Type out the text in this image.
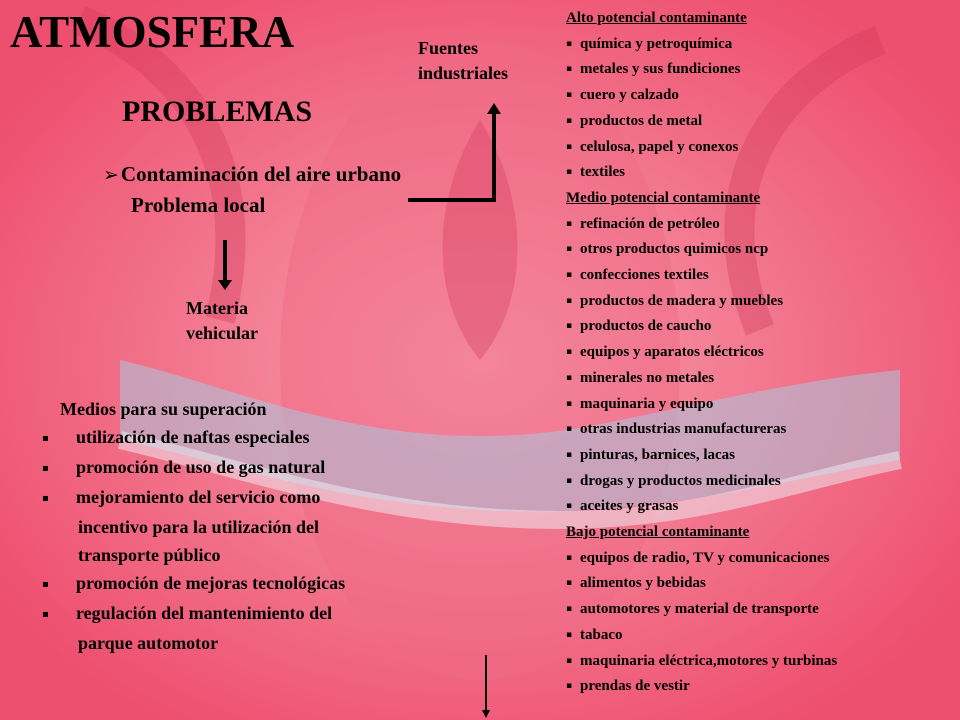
ATMOSFERA
PROBLEMAS
➢Contaminación del aire urbano
Problema local
Materia
vehicular
Fuentes
industriales
Medios para su superación
▪ utilización de naftas especiales
▪ promoción de uso de gas natural
▪ mejoramiento del servicio como
incentivo para la utilización del
transporte público
▪ promoción de mejoras tecnológicas
▪ regulación del mantenimiento del
parque automotor
Alto potencial contaminante
▪ química y petroquímica
▪ metales y sus fundiciones
▪ cuero y calzado
▪ productos de metal
▪ celulosa, papel y conexos
▪ textiles
Medio potencial contaminante
▪ refinación de petróleo
▪ otros productos quimicos ncp
▪ confecciones textiles
▪ productos de madera y muebles
▪ productos de caucho
▪ equipos y aparatos eléctricos
▪ minerales no metales
▪ maquinaria y equipo
▪ otras industrias manufactureras
▪ pinturas, barnices, lacas
▪ drogas y productos medicinales
▪ aceites y grasas
Bajo potencial contaminante
▪ equipos de radio, TV y comunicaciones
▪ alimentos y bebidas
▪ automotores y material de transporte
▪ tabaco
▪ maquinaria eléctrica,motores y turbinas
▪ prendas de vestir
